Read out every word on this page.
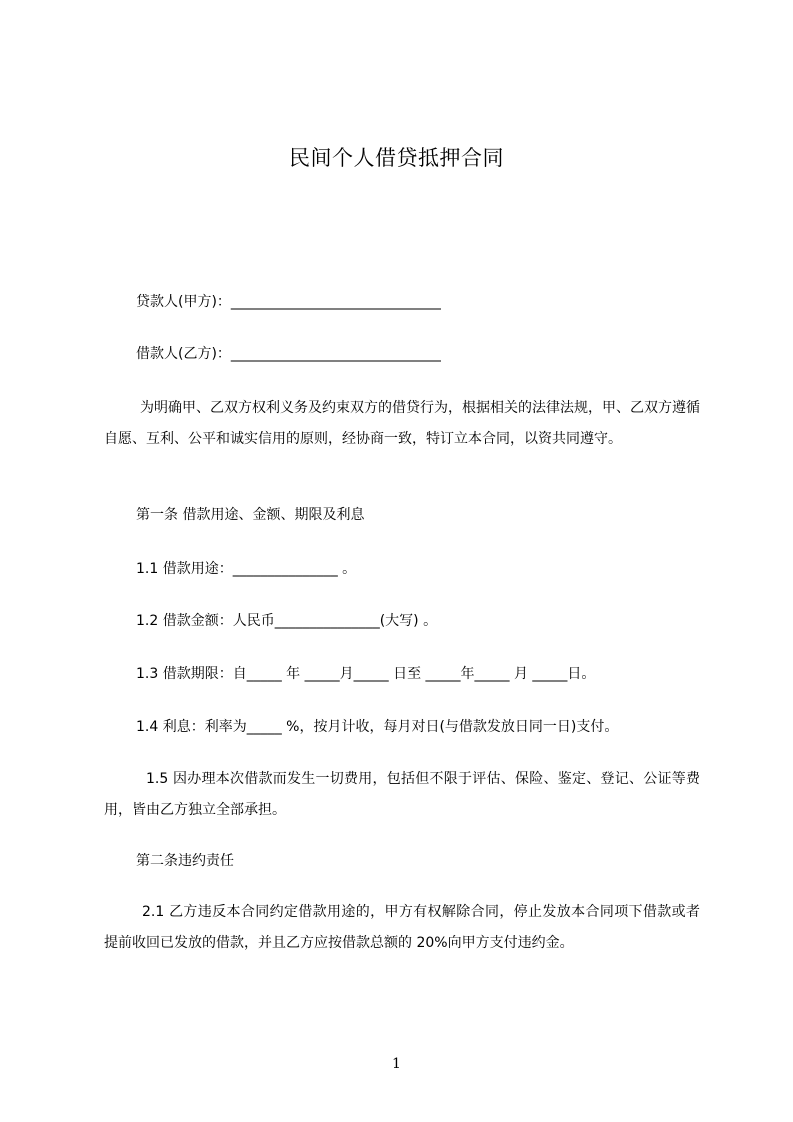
民间个人借贷抵押合同
贷款人(甲方)：______________________________
借款人(乙方)：______________________________
为明确甲、乙双方权利义务及约束双方的借贷行为，根据相关的法律法规，甲、乙双方遵循自愿、互利、公平和诚实信用的原则，经协商一致，特订立本合同，以资共同遵守。
第一条 借款用途、金额、期限及利息
1.1 借款用途：_______________ 。
1.2 借款金额：人民币_______________(大写) 。
1.3 借款期限：自_____ 年 _____月_____ 日至 _____年_____ 月 _____日。
1.4 利息：利率为_____ %，按月计收，每月对日(与借款发放日同一日)支付。
1.5 因办理本次借款而发生一切费用，包括但不限于评估、保险、鉴定、登记、公证等费用，皆由乙方独立全部承担。
第二条违约责任
2.1 乙方违反本合同约定借款用途的，甲方有权解除合同，停止发放本合同项下借款或者提前收回已发放的借款，并且乙方应按借款总额的 20%向甲方支付违约金。
1
